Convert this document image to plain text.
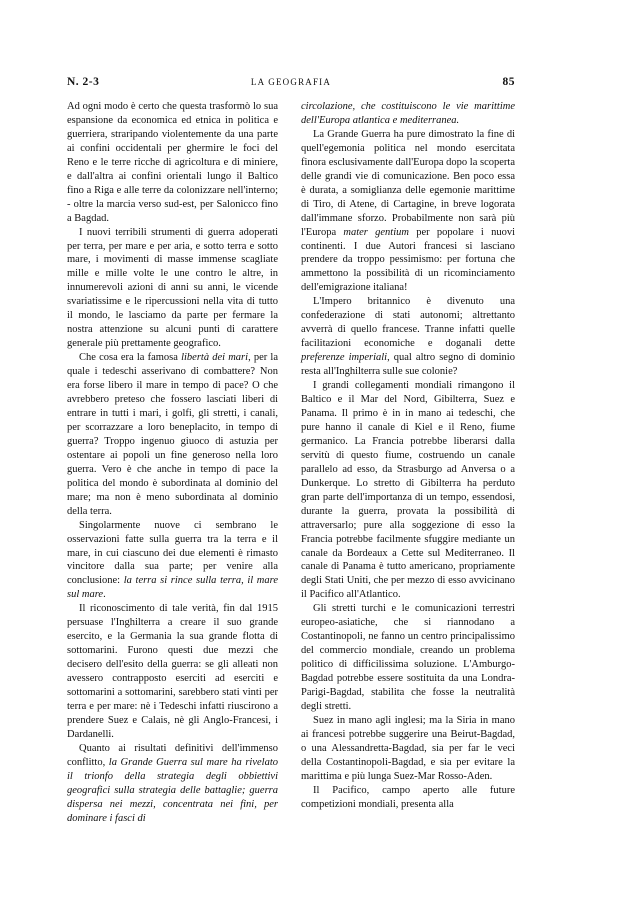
N. 2-3	LA GEOGRAFIA	85

Ad ogni modo è certo che questa trasformò lo sua espansione da economica ed etnica in politica e guerriera, straripando violentemente da una parte ai confini occidentali per ghermire le foci del Reno e le terre ricche di agricoltura e di miniere, e dall'altra ai confini orientali lungo il Baltico fino a Riga e alle terre da colonizzare nell'interno; - oltre la marcia verso sud-est, per Salonicco fino a Bagdad.

I nuovi terribili strumenti di guerra adoperati per terra, per mare e per aria, e sotto terra e sotto mare, i movimenti di masse immense scagliate mille e mille volte le une contro le altre, in innumerevoli azioni di anni su anni, le vicende svariatissime e le ripercussioni nella vita di tutto il mondo, le lasciamo da parte per fermare la nostra attenzione su alcuni punti di carattere generale più prettamente geografico.

Che cosa era la famosa libertà dei mari, per la quale i tedeschi asserivano di combattere? Non era forse libero il mare in tempo di pace? O che avrebbero preteso che fossero lasciati liberi di entrare in tutti i mari, i golfi, gli stretti, i canali, per scorrazzare a loro beneplacito, in tempo di guerra? Troppo ingenuo giuoco di astuzia per ostentare ai popoli un fine generoso nella loro guerra. Vero è che anche in tempo di pace la politica del mondo è subordinata al dominio del mare; ma non è meno subordinata al dominio della terra.

Singolarmente nuove ci sembrano le osservazioni fatte sulla guerra tra la terra e il mare, in cui ciascuno dei due elementi è rimasto vincitore dalla sua parte; per venire alla conclusione: la terra si rince sulla terra, il mare sul mare.

Il riconoscimento di tale verità, fin dal 1915 persuase l'Inghilterra a creare il suo grande esercito, e la Germania la sua grande flotta di sottomarini. Furono questi due mezzi che decisero dell'esito della guerra: se gli alleati non avessero contrapposto eserciti ad eserciti e sottomarini a sottomarini, sarebbero stati vinti per terra e per mare: nè i Tedeschi infatti riuscirono a prendere Suez e Calais, nè gli Anglo-Francesi, i Dardanelli.

Quanto ai risultati definitivi dell'immenso conflitto, la Grande Guerra sul mare ha rivelato il trionfo della strategia degli obbiettivi geografici sulla strategia delle battaglie; guerra dispersa nei mezzi, concentrata nei fini, per dominare i fasci di

circolazione, che costituiscono le vie marittime dell'Europa atlantica e mediterranea.

La Grande Guerra ha pure dimostrato la fine di quell'egemonia politica nel mondo esercitata finora esclusivamente dall'Europa dopo la scoperta delle grandi vie di comunicazione. Ben poco essa è durata, a somiglianza delle egemonie marittime di Tiro, di Atene, di Cartagine, in breve logorata dall'immane sforzo. Probabilmente non sarà più l'Europa mater gentium per popolare i nuovi continenti. I due Autori francesi si lasciano prendere da troppo pessimismo: per fortuna che ammettono la possibilità di un ricominciamento dell'emigrazione italiana!

L'Impero britannico è divenuto una confederazione di stati autonomi; altrettanto avverrà di quello francese. Tranne infatti quelle facilitazioni economiche e doganali dette preferenze imperiali, qual altro segno di dominio resta all'Inghilterra sulle sue colonie?

I grandi collegamenti mondiali rimangono il Baltico e il Mar del Nord, Gibilterra, Suez e Panama. Il primo è in in mano ai tedeschi, che pure hanno il canale di Kiel e il Reno, fiume germanico. La Francia potrebbe liberarsi dalla servitù di questo fiume, costruendo un canale parallelo ad esso, da Strasburgo ad Anversa o a Dunkerque. Lo stretto di Gibilterra ha perduto gran parte dell'importanza di un tempo, essendosi, durante la guerra, provata la possibilità di attraversarlo; pure alla soggezione di esso la Francia potrebbe facilmente sfuggire mediante un canale da Bordeaux a Cette sul Mediterraneo. Il canale di Panama è tutto americano, propriamente degli Stati Uniti, che per mezzo di esso avvicinano il Pacifico all'Atlantico.

Gli stretti turchi e le comunicazioni terrestri europeo-asiatiche, che si riannodano a Costantinopoli, ne fanno un centro principalissimo del commercio mondiale, creando un problema politico di difficilissima soluzione. L'Amburgo-Bagdad potrebbe essere sostituita da una Londra-Parigi-Bagdad, stabilita che fosse la neutralità degli stretti.

Suez in mano agli inglesi; ma la Siria in mano ai francesi potrebbe suggerire una Beirut-Bagdad, o una Alessandretta-Bagdad, sia per far le veci della Costantinopoli-Bagdad, e sia per evitare la marittima e più lunga Suez-Mar Rosso-Aden.

Il Pacifico, campo aperto alle future competizioni mondiali, presenta alla
